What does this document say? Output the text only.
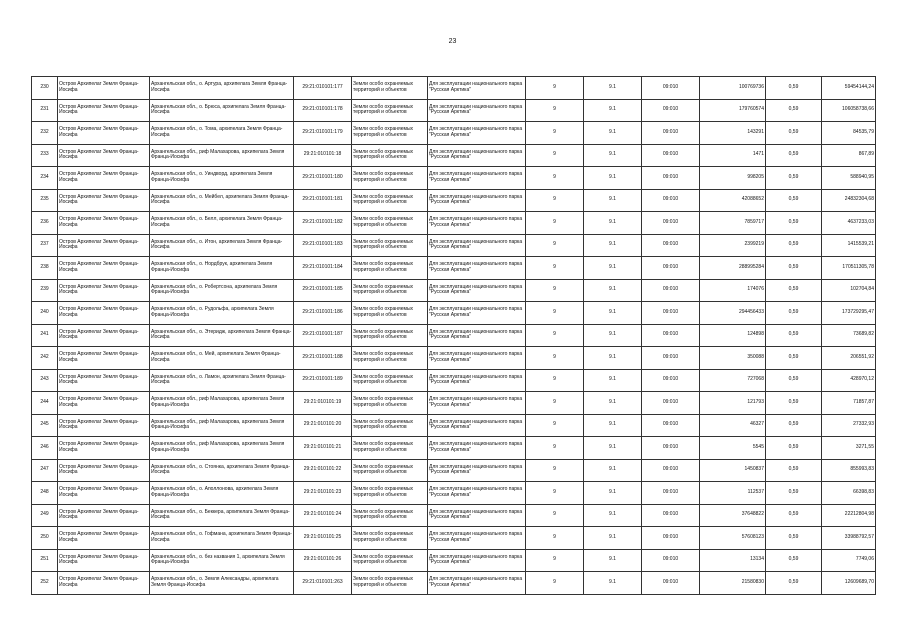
23
230	Остров Архипелаг Земля Франца-Иосифа	Архангельская обл., о. Артура, архипелага Земля Франца-Иосифа	29:21:010101:177	Земли особо охраняемых территорий и объектов	Для эксплуатации национального парка "Русская Арктика"	9	9.1	09:010	100769736	0,59	59454144,24
231	Остров Архипелаг Земля Франца-Иосифа	Архангельская обл., о. Брюса, архипелага Земля Франца-Иосифа	29:21:010101:178	Земли особо охраняемых территорий и объектов	Для эксплуатации национального парка "Русская Арктика"	9	9.1	09:010	179760574	0,59	106058738,66
232	Остров Архипелаг Земля Франца-Иосифа	Архангельская обл., о. Тома, архипелага Земля Франца-Иосифа	29:21:010101:179	Земли особо охраняемых территорий и объектов	Для эксплуатации национального парка "Русская Арктика"	9	9.1	09:010	143291	0,59	84535,79
233	Остров Архипелаг Земля Франца-Иосифа	Архангельская обл., риф Малахарова, архипелага Земля Франца-Иосифа	29:21:010101:18	Земли особо охраняемых территорий и объектов	Для эксплуатации национального парка "Русская Арктика"	9	9.1	09:010	1471	0,59	867,89
234	Остров Архипелаг Земля Франца-Иосифа	Архангельская обл., о. Уиндворд, архипелага Земля Франца-Иосифа	29:21:010101:180	Земли особо охраняемых территорий и объектов	Для эксплуатации национального парка "Русская Арктика"	9	9.1	09:010	998205	0,59	588940,95
235	Остров Архипелаг Земля Франца-Иосифа	Архангельская обл., о. Мейбел, архипелага Земля Франца-Иосифа	29:21:010101:181	Земли особо охраняемых территорий и объектов	Для эксплуатации национального парка "Русская Арктика"	9	9.1	09:010	42088652	0,59	24832304,68
236	Остров Архипелаг Земля Франца-Иосифа	Архангельская обл., о. Белл, архипелага Земля Франца-Иосифа	29:21:010101:182	Земли особо охраняемых территорий и объектов	Для эксплуатации национального парка "Русская Арктика"	9	9.1	09:010	7859717	0,59	4637233,03
237	Остров Архипелаг Земля Франца-Иосифа	Архангельская обл., о. Итон, архипелага Земля Франца-Иосифа	29:21:010101:183	Земли особо охраняемых территорий и объектов	Для эксплуатации национального парка "Русская Арктика"	9	9.1	09:010	2399219	0,59	1415539,21
238	Остров Архипелаг Земля Франца-Иосифа	Архангельская обл., о. Нордбрук, архипелага Земля Франца-Иосифа	29:21:010101:184	Земли особо охраняемых территорий и объектов	Для эксплуатации национального парка "Русская Арктика"	9	9.1	09:010	288995284	0,59	170511305,78
239	Остров Архипелаг Земля Франца-Иосифа	Архангельская обл., о. Робертсона, архипелага Земля Франца-Иосифа	29:21:010101:185	Земли особо охраняемых территорий и объектов	Для эксплуатации национального парка "Русская Арктика"	9	9.1	09:010	174076	0,59	102704,84
240	Остров Архипелаг Земля Франца-Иосифа	Архангельская обл., о. Рудольфа, архипелага Земля Франца-Иосифа	29:21:010101:186	Земли особо охраняемых территорий и объектов	Для эксплуатации национального парка "Русская Арктика"	9	9.1	09:010	294456433	0,59	173729295,47
241	Остров Архипелаг Земля Франца-Иосифа	Архангельская обл., о. Этеридж, архипелага Земля Франца-Иосифа	29:21:010101:187	Земли особо охраняемых территорий и объектов	Для эксплуатации национального парка "Русская Арктика"	9	9.1	09:010	124898	0,59	73689,82
242	Остров Архипелаг Земля Франца-Иосифа	Архангельская обл., о. Мей, архипелага Земля Франца-Иосифа	29:21:010101:188	Земли особо охраняемых территорий и объектов	Для эксплуатации национального парка "Русская Арктика"	9	9.1	09:010	350088	0,59	206551,92
243	Остров Архипелаг Земля Франца-Иосифа	Архангельская обл., о. Ламон, архипелага Земля Франца-Иосифа	29:21:010101:189	Земли особо охраняемых территорий и объектов	Для эксплуатации национального парка "Русская Арктика"	9	9.1	09:010	727068	0,59	428970,12
244	Остров Архипелаг Земля Франца-Иосифа	Архангельская обл., риф Малахарова, архипелага Земля Франца-Иосифа	29:21:010101:19	Земли особо охраняемых территорий и объектов	Для эксплуатации национального парка "Русская Арктика"	9	9.1	09:010	121793	0,59	71857,87
245	Остров Архипелаг Земля Франца-Иосифа	Архангельская обл., риф Малахарова, архипелага Земля Франца-Иосифа	29:21:010101:20	Земли особо охраняемых территорий и объектов	Для эксплуатации национального парка "Русская Арктика"	9	9.1	09:010	46327	0,59	27332,93
246	Остров Архипелаг Земля Франца-Иосифа	Архангельская обл., риф Малахарова, архипелага Земля Франца-Иосифа	29:21:010101:21	Земли особо охраняемых территорий и объектов	Для эксплуатации национального парка "Русская Арктика"	9	9.1	09:010	5545	0,59	3271,55
247	Остров Архипелаг Земля Франца-Иосифа	Архангельская обл., о. Стоянка, архипелага Земля Франца-Иосифа	29:21:010101:22	Земли особо охраняемых территорий и объектов	Для эксплуатации национального парка "Русская Арктика"	9	9.1	09:010	1450837	0,59	855993,83
248	Остров Архипелаг Земля Франца-Иосифа	Архангельская обл., о. Аполлонова, архипелага Земля Франца-Иосифа	29:21:010101:23	Земли особо охраняемых территорий и объектов	Для эксплуатации национального парка "Русская Арктика"	9	9.1	09:010	112537	0,59	66398,83
249	Остров Архипелаг Земля Франца-Иосифа	Архангельская обл., о. Беккера, архипелага Земля Франца-Иосифа	29:21:010101:24	Земли особо охраняемых территорий и объектов	Для эксплуатации национального парка "Русская Арктика"	9	9.1	09:010	37648822	0,59	22212804,98
250	Остров Архипелаг Земля Франца-Иосифа	Архангельская обл., о. Гофмана, архипелага Земля Франца-Иосифа	29:21:010101:25	Земли особо охраняемых территорий и объектов	Для эксплуатации национального парка "Русская Арктика"	9	9.1	09:010	57608123	0,59	33988792,57
251	Остров Архипелаг Земля Франца-Иосифа	Архангельская обл., о. без названия 1, архипелага Земля Франца-Иосифа	29:21:010101:26	Земли особо охраняемых территорий и объектов	Для эксплуатации национального парка "Русская Арктика"	9	9.1	09:010	13134	0,59	7749,06
252	Остров Архипелаг Земля Франца-Иосифа	Архангельская обл., о. Земля Александры, архипелага Земля Франца-Иосифа	29:21:010101:263	Земли особо охраняемых территорий и объектов	Для эксплуатации национального парка "Русская Арктика"	9	9.1	09:010	21580830	0,59	12609689,70
